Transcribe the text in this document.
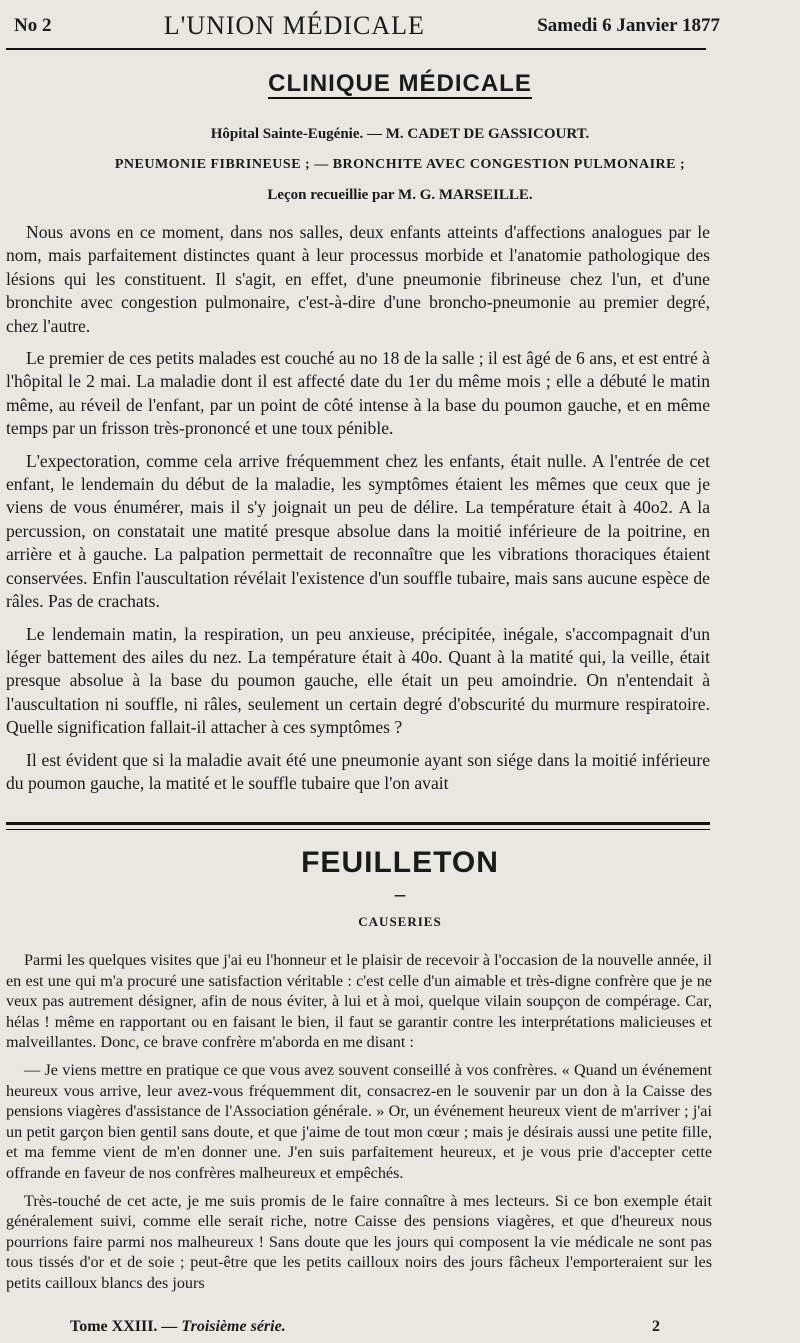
No 2	L'UNION MÉDICALE	Samedi 6 Janvier 1877
CLINIQUE MÉDICALE
Hôpital Sainte-Eugénie. — M. CADET DE GASSICOURT.
PNEUMONIE FIBRINEUSE ; — BRONCHITE AVEC CONGESTION PULMONAIRE ;
Leçon recueillie par M. G. MARSEILLE.

Nous avons en ce moment, dans nos salles, deux enfants atteints d'affections analogues par le nom, mais parfaitement distinctes quant à leur processus morbide et l'anatomie pathologique des lésions qui les constituent. Il s'agit, en effet, d'une pneumonie fibrineuse chez l'un, et d'une bronchite avec congestion pulmonaire, c'est-à-dire d'une broncho-pneumonie au premier degré, chez l'autre.

Le premier de ces petits malades est couché au no 18 de la salle ; il est âgé de 6 ans, et est entré à l'hôpital le 2 mai. La maladie dont il est affecté date du 1er du même mois ; elle a débuté le matin même, au réveil de l'enfant, par un point de côté intense à la base du poumon gauche, et en même temps par un frisson très-prononcé et une toux pénible.

L'expectoration, comme cela arrive fréquemment chez les enfants, était nulle. A l'entrée de cet enfant, le lendemain du début de la maladie, les symptômes étaient les mêmes que ceux que je viens de vous énumérer, mais il s'y joignait un peu de délire. La température était à 40o2. A la percussion, on constatait une matité presque absolue dans la moitié inférieure de la poitrine, en arrière et à gauche. La palpation permettait de reconnaître que les vibrations thoraciques étaient conservées. Enfin l'auscultation révélait l'existence d'un souffle tubaire, mais sans aucune espèce de râles. Pas de crachats.

Le lendemain matin, la respiration, un peu anxieuse, précipitée, inégale, s'accompagnait d'un léger battement des ailes du nez. La température était à 40o. Quant à la matité qui, la veille, était presque absolue à la base du poumon gauche, elle était un peu amoindrie. On n'entendait à l'auscultation ni souffle, ni râles, seulement un certain degré d'obscurité du murmure respiratoire. Quelle signification fallait-il attacher à ces symptômes ?

Il est évident que si la maladie avait été une pneumonie ayant son siége dans la moitié inférieure du poumon gauche, la matité et le souffle tubaire que l'on avait

FEUILLETON
—
CAUSERIES

Parmi les quelques visites que j'ai eu l'honneur et le plaisir de recevoir à l'occasion de la nouvelle année, il en est une qui m'a procuré une satisfaction véritable : c'est celle d'un aimable et très-digne confrère que je ne veux pas autrement désigner, afin de nous éviter, à lui et à moi, quelque vilain soupçon de compérage. Car, hélas ! même en rapportant ou en faisant le bien, il faut se garantir contre les interprétations malicieuses et malveillantes. Donc, ce brave confrère m'aborda en me disant :

— Je viens mettre en pratique ce que vous avez souvent conseillé à vos confrères. « Quand un événement heureux vous arrive, leur avez-vous fréquemment dit, consacrez-en le souvenir par un don à la Caisse des pensions viagères d'assistance de l'Association générale. » Or, un événement heureux vient de m'arriver ; j'ai un petit garçon bien gentil sans doute, et que j'aime de tout mon cœur ; mais je désirais aussi une petite fille, et ma femme vient de m'en donner une. J'en suis parfaitement heureux, et je vous prie d'accepter cette offrande en faveur de nos confrères malheureux et empêchés.

Très-touché de cet acte, je me suis promis de le faire connaître à mes lecteurs. Si ce bon exemple était généralement suivi, comme elle serait riche, notre Caisse des pensions viagères, et que d'heureux nous pourrions faire parmi nos malheureux ! Sans doute que les jours qui composent la vie médicale ne sont pas tous tissés d'or et de soie ; peut-être que les petits cailloux noirs des jours fâcheux l'emporteraient sur les petits cailloux blancs des jours

Tome XXIII. — Troisième série.	2
